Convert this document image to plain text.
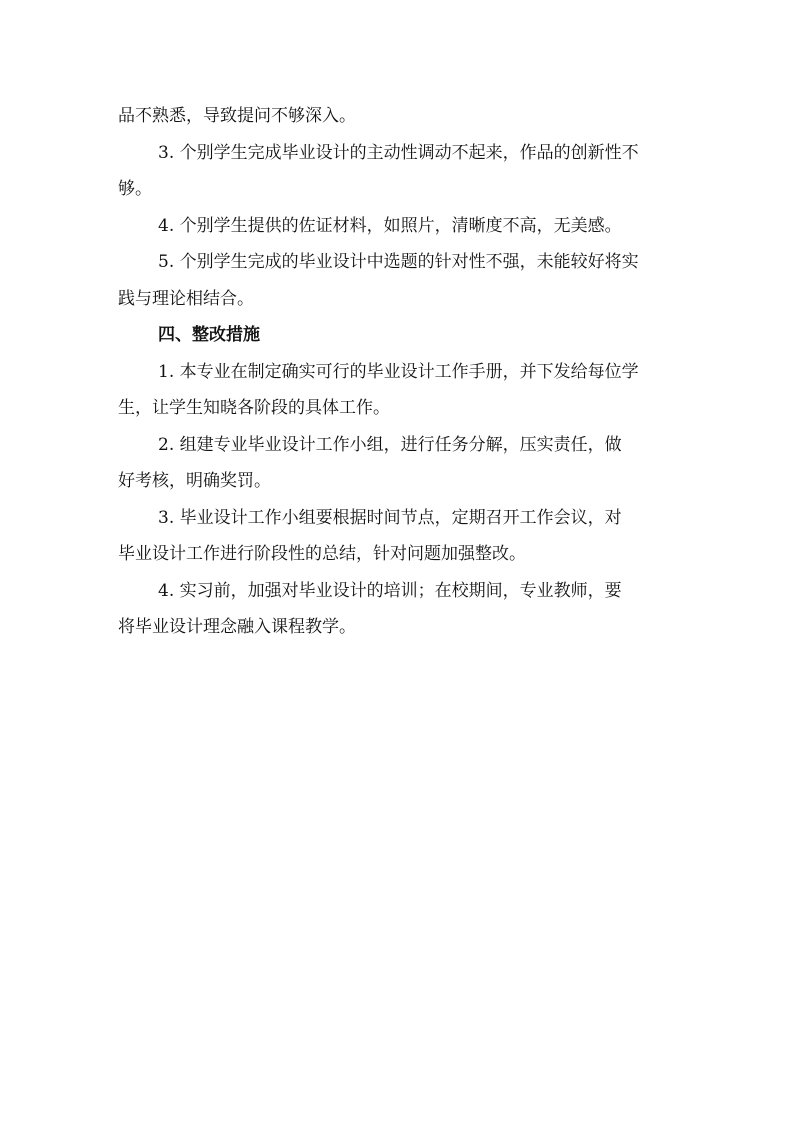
品不熟悉，导致提问不够深入。

3. 个别学生完成毕业设计的主动性调动不起来，作品的创新性不
够。

4. 个别学生提供的佐证材料，如照片，清晰度不高，无美感。

5. 个别学生完成的毕业设计中选题的针对性不强，未能较好将实
践与理论相结合。

四、整改措施

1. 本专业在制定确实可行的毕业设计工作手册，并下发给每位学
生，让学生知晓各阶段的具体工作。

2. 组建专业毕业设计工作小组，进行任务分解，压实责任，做
好考核，明确奖罚。

3. 毕业设计工作小组要根据时间节点，定期召开工作会议，对
毕业设计工作进行阶段性的总结，针对问题加强整改。

4. 实习前，加强对毕业设计的培训；在校期间，专业教师，要
将毕业设计理念融入课程教学。
